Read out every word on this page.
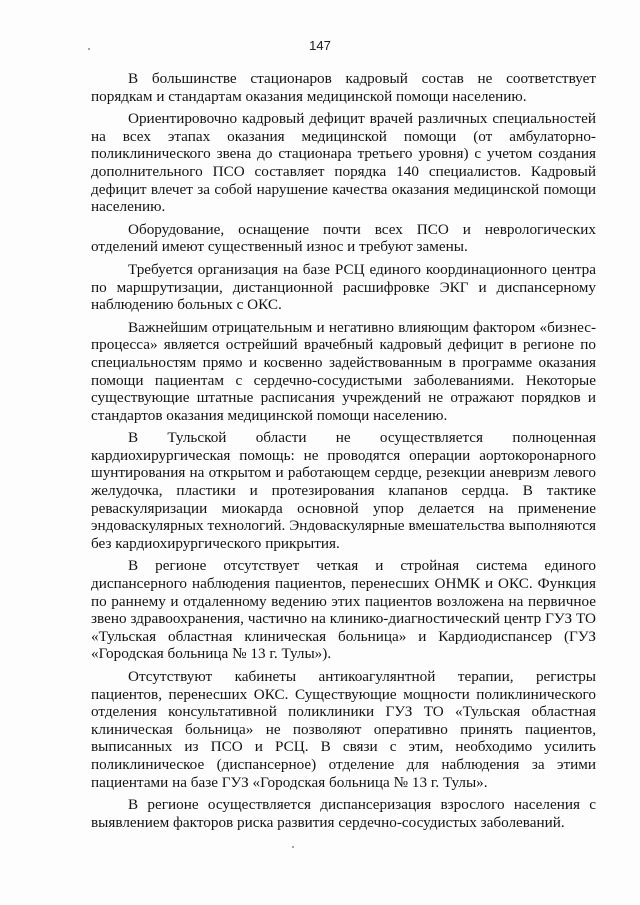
147

В большинстве стационаров кадровый состав не соответствует порядкам и стандартам оказания медицинской помощи населению.

Ориентировочно кадровый дефицит врачей различных специальностей на всех этапах оказания медицинской помощи (от амбулаторно-поликлинического звена до стационара третьего уровня) с учетом создания дополнительного ПСО составляет порядка 140 специалистов. Кадровый дефицит влечет за собой нарушение качества оказания медицинской помощи населению.

Оборудование, оснащение почти всех ПСО и неврологических отделений имеют существенный износ и требуют замены.

Требуется организация на базе РСЦ единого координационного центра по маршрутизации, дистанционной расшифровке ЭКГ и диспансерному наблюдению больных с ОКС.

Важнейшим отрицательным и негативно влияющим фактором «бизнес-процесса» является острейший врачебный кадровый дефицит в регионе по специальностям прямо и косвенно задействованным в программе оказания помощи пациентам с сердечно-сосудистыми заболеваниями. Некоторые существующие штатные расписания учреждений не отражают порядков и стандартов оказания медицинской помощи населению.

В Тульской области не осуществляется полноценная кардиохирургическая помощь: не проводятся операции аортокоронарного шунтирования на открытом и работающем сердце, резекции аневризм левого желудочка, пластики и протезирования клапанов сердца. В тактике реваскуляризации миокарда основной упор делается на применение эндоваскулярных технологий. Эндоваскулярные вмешательства выполняются без кардиохирургического прикрытия.

В регионе отсутствует четкая и стройная система единого диспансерного наблюдения пациентов, перенесших ОНМК и ОКС. Функция по раннему и отдаленному ведению этих пациентов возложена на первичное звено здравоохранения, частично на клинико-диагностический центр ГУЗ ТО «Тульская областная клиническая больница» и Кардиодиспансер (ГУЗ «Городская больница № 13 г. Тулы»).

Отсутствуют кабинеты антикоагулянтной терапии, регистры пациентов, перенесших ОКС. Существующие мощности поликлинического отделения консультативной поликлиники ГУЗ ТО «Тульская областная клиническая больница» не позволяют оперативно принять пациентов, выписанных из ПСО и РСЦ. В связи с этим, необходимо усилить поликлиническое (диспансерное) отделение для наблюдения за этими пациентами на базе ГУЗ «Городская больница № 13 г. Тулы».

В регионе осуществляется диспансеризация взрослого населения с выявлением факторов риска развития сердечно-сосудистых заболеваний.
